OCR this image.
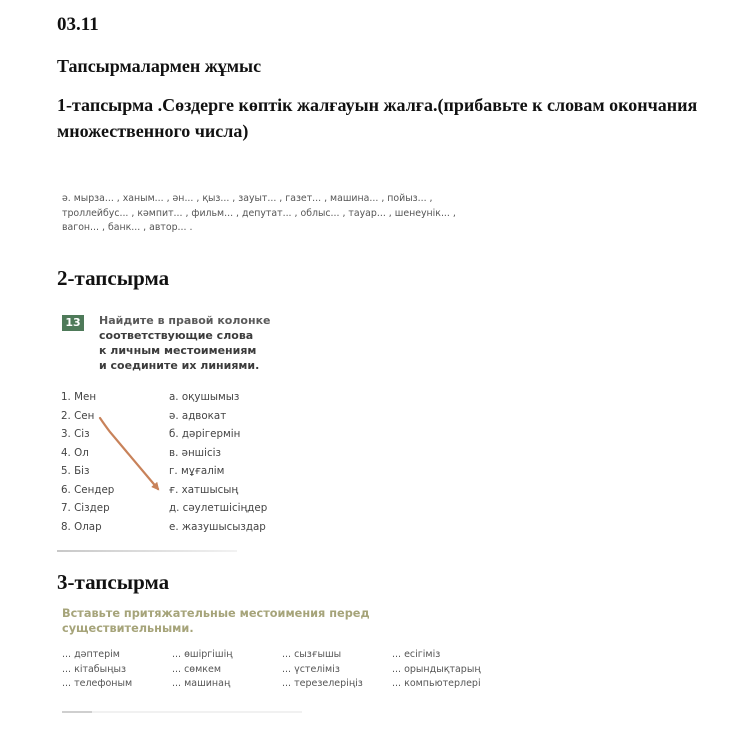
03.11
Тапсырмалармен жұмыс
1-тапсырма .Сөздерге көптік жалғауын жалға.(прибавьте к словам окончания множественного числа)
ә. мырза... , ханым... , ән... , қыз... , зауыт... , газет... , машина... , пойыз... ,
троллейбус... , кәмпит... , фильм... , депутат... , облыс... , тауар... , шенеунік... ,
вагон... , банк... , автор... .
2-тапсырма
13	Найдите в правой колонке
соответствующие слова
к личным местоимениям
и соедините их линиями.
1. Мен
2. Сен
3. Сіз
4. Ол
5. Біз
6. Сендер
7. Сіздер
8. Олар
а. оқушымыз
ә. адвокат
б. дәрігермін
в. әншісіз
г. мұғалім
ғ. хатшысың
д. сәулетшісіңдер
е. жазушысыздар
3-тапсырма
Вставьте притяжательные местоимения перед
существительными.
... дәптерім
... кітабыңыз
... телефоным
... өшіргішің
... сөмкем
... машинаң
... сызғышы
... үстеліміз
... терезелеріңіз
... есігіміз
... орындықтарың
... компьютерлері
